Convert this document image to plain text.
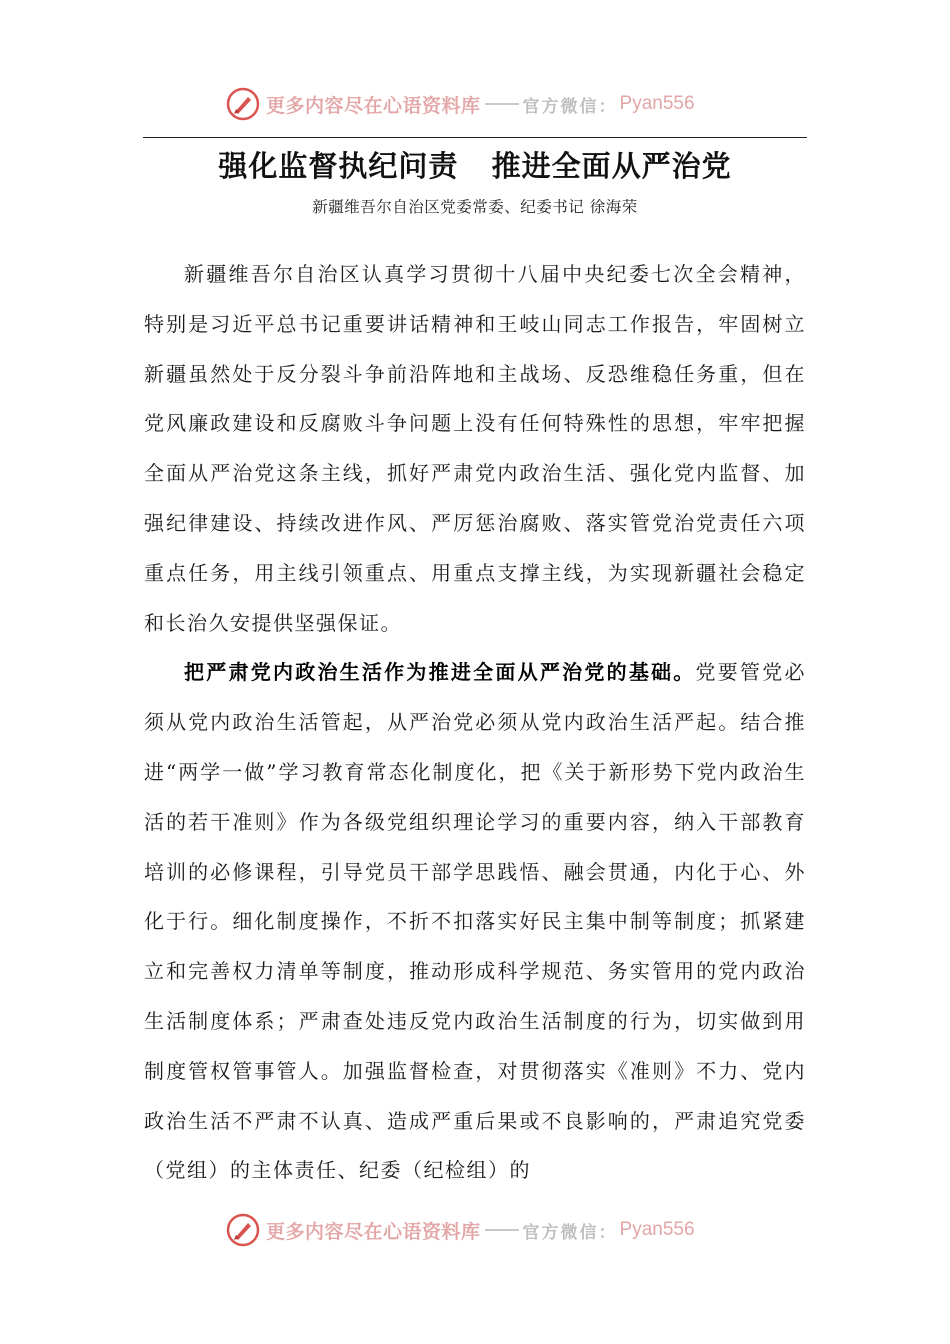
更多内容尽在心语资料库 官方微信： Pyan556
强化监督执纪问责   推进全面从严治党
新疆维吾尔自治区党委常委、纪委书记 徐海荣

新疆维吾尔自治区认真学习贯彻十八届中央纪委七次全会精神，特别是习近平总书记重要讲话精神和王岐山同志工作报告，牢固树立新疆虽然处于反分裂斗争前沿阵地和主战场、反恐维稳任务重，但在党风廉政建设和反腐败斗争问题上没有任何特殊性的思想，牢牢把握全面从严治党这条主线，抓好严肃党内政治生活、强化党内监督、加强纪律建设、持续改进作风、严厉惩治腐败、落实管党治党责任六项重点任务，用主线引领重点、用重点支撑主线，为实现新疆社会稳定和长治久安提供坚强保证。

把严肃党内政治生活作为推进全面从严治党的基础。党要管党必须从党内政治生活管起，从严治党必须从党内政治生活严起。结合推进“两学一做”学习教育常态化制度化，把《关于新形势下党内政治生活的若干准则》作为各级党组织理论学习的重要内容，纳入干部教育培训的必修课程，引导党员干部学思践悟、融会贯通，内化于心、外化于行。细化制度操作，不折不扣落实好民主集中制等制度；抓紧建立和完善权力清单等制度，推动形成科学规范、务实管用的党内政治生活制度体系；严肃查处违反党内政治生活制度的行为，切实做到用制度管权管事管人。加强监督检查，对贯彻落实《准则》不力、党内政治生活不严肃不认真、造成严重后果或不良影响的，严肃追究党委（党组）的主体责任、纪委（纪检组）的

更多内容尽在心语资料库 官方微信： Pyan556
